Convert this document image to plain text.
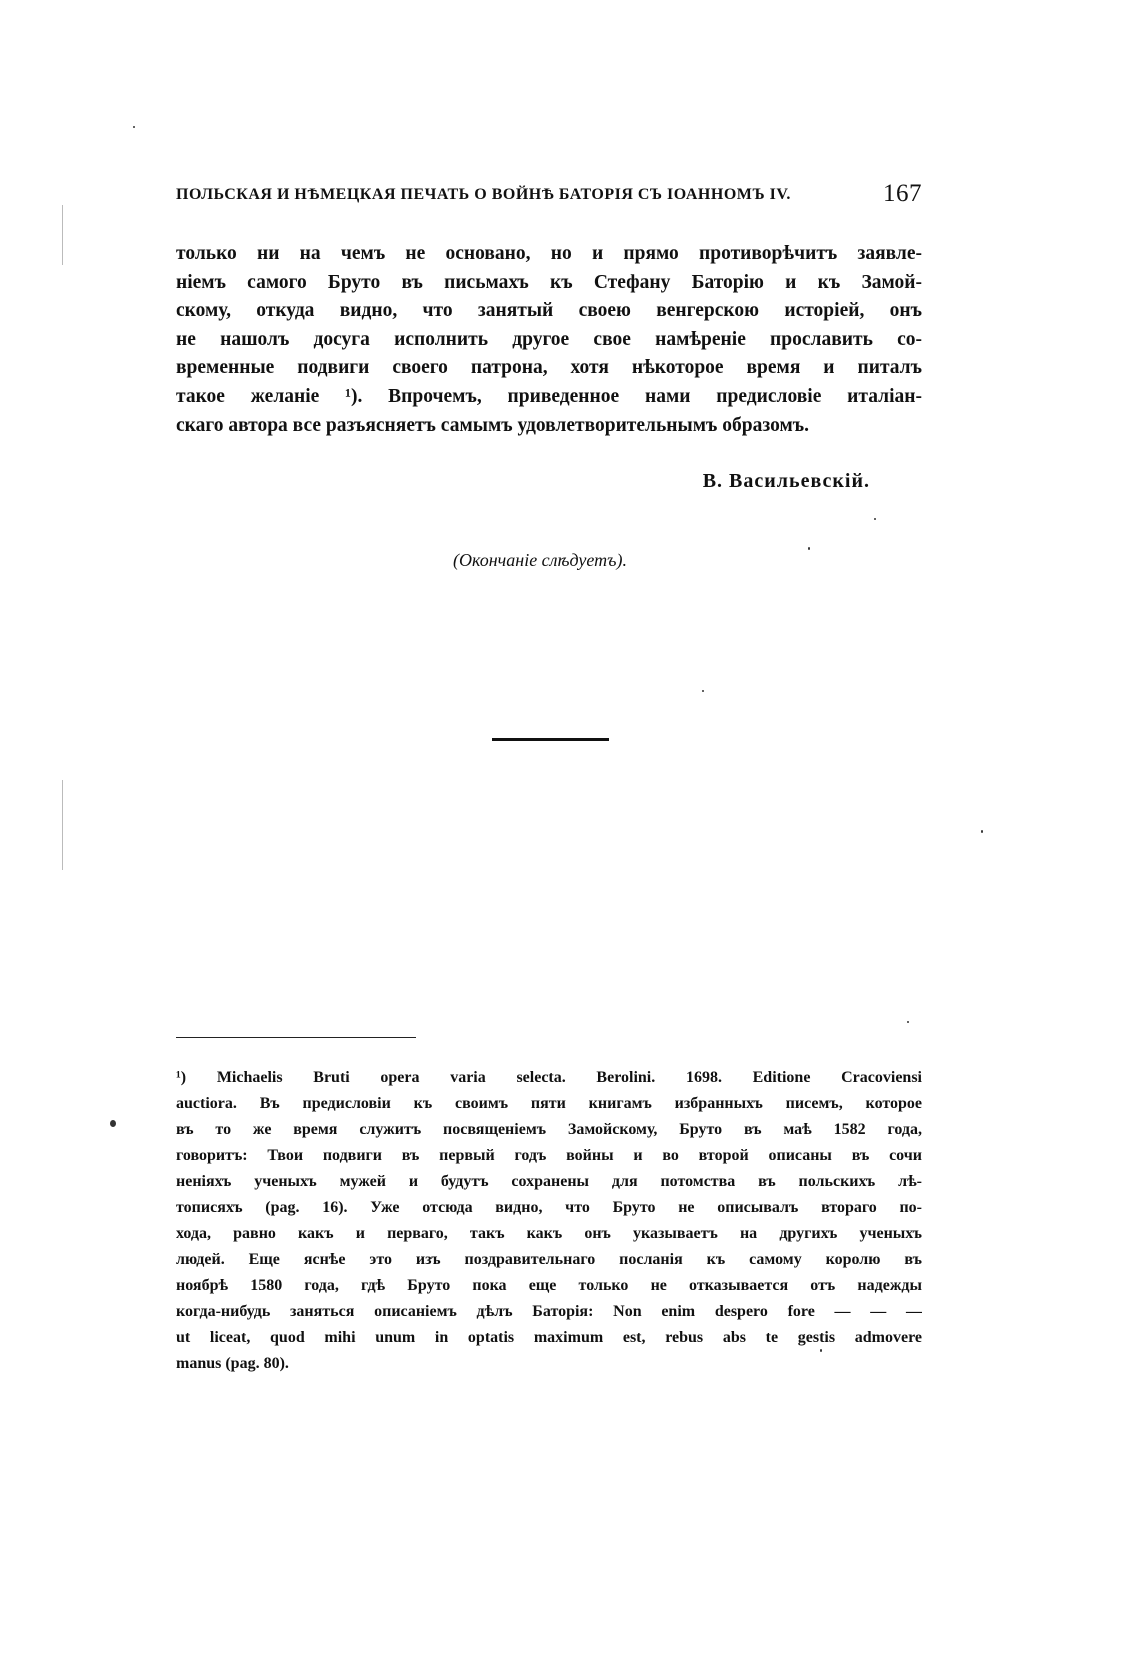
ПОЛЬСКАЯ И НѢМЕЦКАЯ ПЕЧАТЬ О ВОЙНѢ БАТОРІЯ СЪ ІОАННОМЪ IV.	167
только ни на чемъ не основано, но и прямо противорѣчитъ заявле-
ніемъ самого Бруто въ письмахъ къ Стефану Баторію и къ Замой-
скому, откуда видно, что занятый своею венгерскою исторіей, онъ
не нашолъ досуга исполнить другое свое намѣреніе прославить со-
временные подвиги своего патрона, хотя нѣкоторое время и питалъ
такое желаніе ¹). Впрочемъ, приведенное нами предисловіе италіан-
скаго автора все разъясняетъ самымъ удовлетворительнымъ образомъ.
В. Васильевскій.
(Окончаніе слѣдуетъ).
¹) Michaelis Bruti opera varia selecta. Berolini. 1698. Editione Cracoviensi
auctiora. Въ предисловіи къ своимъ пяти книгамъ избранныхъ писемъ, которое
въ то же время служитъ посвященіемъ Замойскому, Бруто въ маѣ 1582 года,
говоритъ: Твои подвиги въ первый годъ войны и во второй описаны въ сочи
неніяхъ ученыхъ мужей и будутъ сохранены для потомства въ польскихъ лѣ-
тописяхъ (pag. 16). Уже отсюда видно, что Бруто не описывалъ втораго по-
хода, равно какъ и перваго, такъ какъ онъ указываетъ на другихъ ученыхъ
людей. Еще яснѣе это изъ поздравительнаго посланія къ самому королю въ
ноябрѣ 1580 года, гдѣ Бруто пока еще только не отказывается отъ надежды
когда-нибудь заняться описаніемъ дѣлъ Баторія: Non enim despero fore — — —
ut liceat, quod mihi unum in optatis maximum est, rebus abs te gestis admovere
manus (pag. 80).
